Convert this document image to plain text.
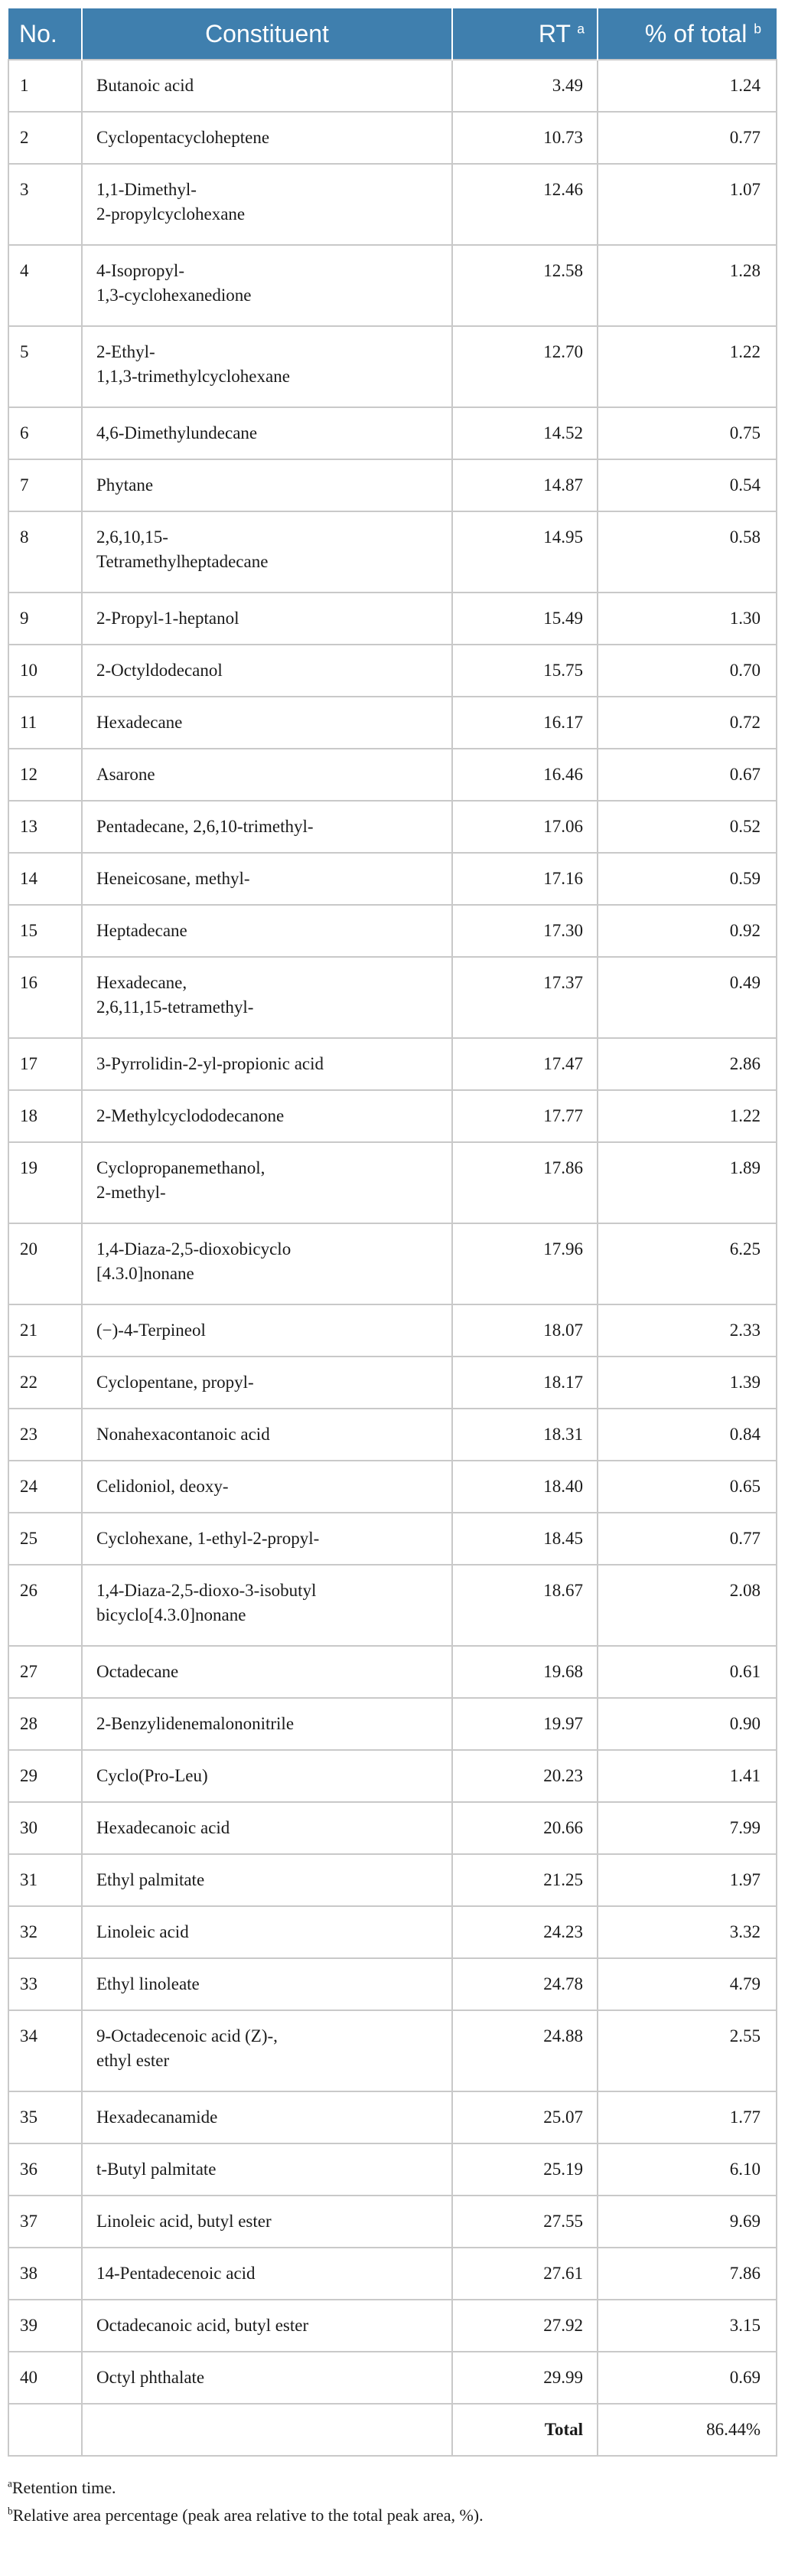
No.	Constituent	RT $^a$	% of total $^b$

1	Butanoic acid	3.49	1.24

2	Cyclopentacycloheptene	10.73	0.77

3	1,1-Dimethyl-
2-propylcyclohexane	12.46	1.07

4	4-Isopropyl-
1,3-cyclohexanedione	12.58	1.28

5	2-Ethyl-
1,1,3-trimethylcyclohexane	12.70	1.22

6	4,6-Dimethylundecane	14.52	0.75

7	Phytane	14.87	0.54

8	2,6,10,15-
Tetramethylheptadecane	14.95	0.58

9	2-Propyl-1-heptanol	15.49	1.30

10	2-Octyldodecanol	15.75	0.70

11	Hexadecane	16.17	0.72

12	Asarone	16.46	0.67

13	Pentadecane, 2,6,10-trimethyl-	17.06	0.52

14	Heneicosane, methyl-	17.16	0.59

15	Heptadecane	17.30	0.92

16	Hexadecane,
2,6,11,15-tetramethyl-	17.37	0.49

17	3-Pyrrolidin-2-yl-propionic acid	17.47	2.86

18	2-Methylcyclododecanone	17.77	1.22

19	Cyclopropanemethanol,
2-methyl-	17.86	1.89

20	1,4-Diaza-2,5-dioxobicyclo
[4.3.0]nonane	17.96	6.25

21	(−)-4-Terpineol	18.07	2.33

22	Cyclopentane, propyl-	18.17	1.39

23	Nonahexacontanoic acid	18.31	0.84

24	Celidoniol, deoxy-	18.40	0.65

25	Cyclohexane, 1-ethyl-2-propyl-	18.45	0.77

26	1,4-Diaza-2,5-dioxo-3-isobutyl
bicyclo[4.3.0]nonane	18.67	2.08

27	Octadecane	19.68	0.61

28	2-Benzylidenemalononitrile	19.97	0.90

29	Cyclo(Pro-Leu)	20.23	1.41

30	Hexadecanoic acid	20.66	7.99

31	Ethyl palmitate	21.25	1.97

32	Linoleic acid	24.23	3.32

33	Ethyl linoleate	24.78	4.79

34	9-Octadecenoic acid (Z)-,
ethyl ester	24.88	2.55

35	Hexadecanamide	25.07	1.77

36	t-Butyl palmitate	25.19	6.10

37	Linoleic acid, butyl ester	27.55	9.69

38	14-Pentadecenoic acid	27.61	7.86

39	Octadecanoic acid, butyl ester	27.92	3.15

40	Octyl phthalate	29.99	0.69

		Total	86.44%

$^a$Retention time.

$^b$Relative area percentage (peak area relative to the total peak area, %).
